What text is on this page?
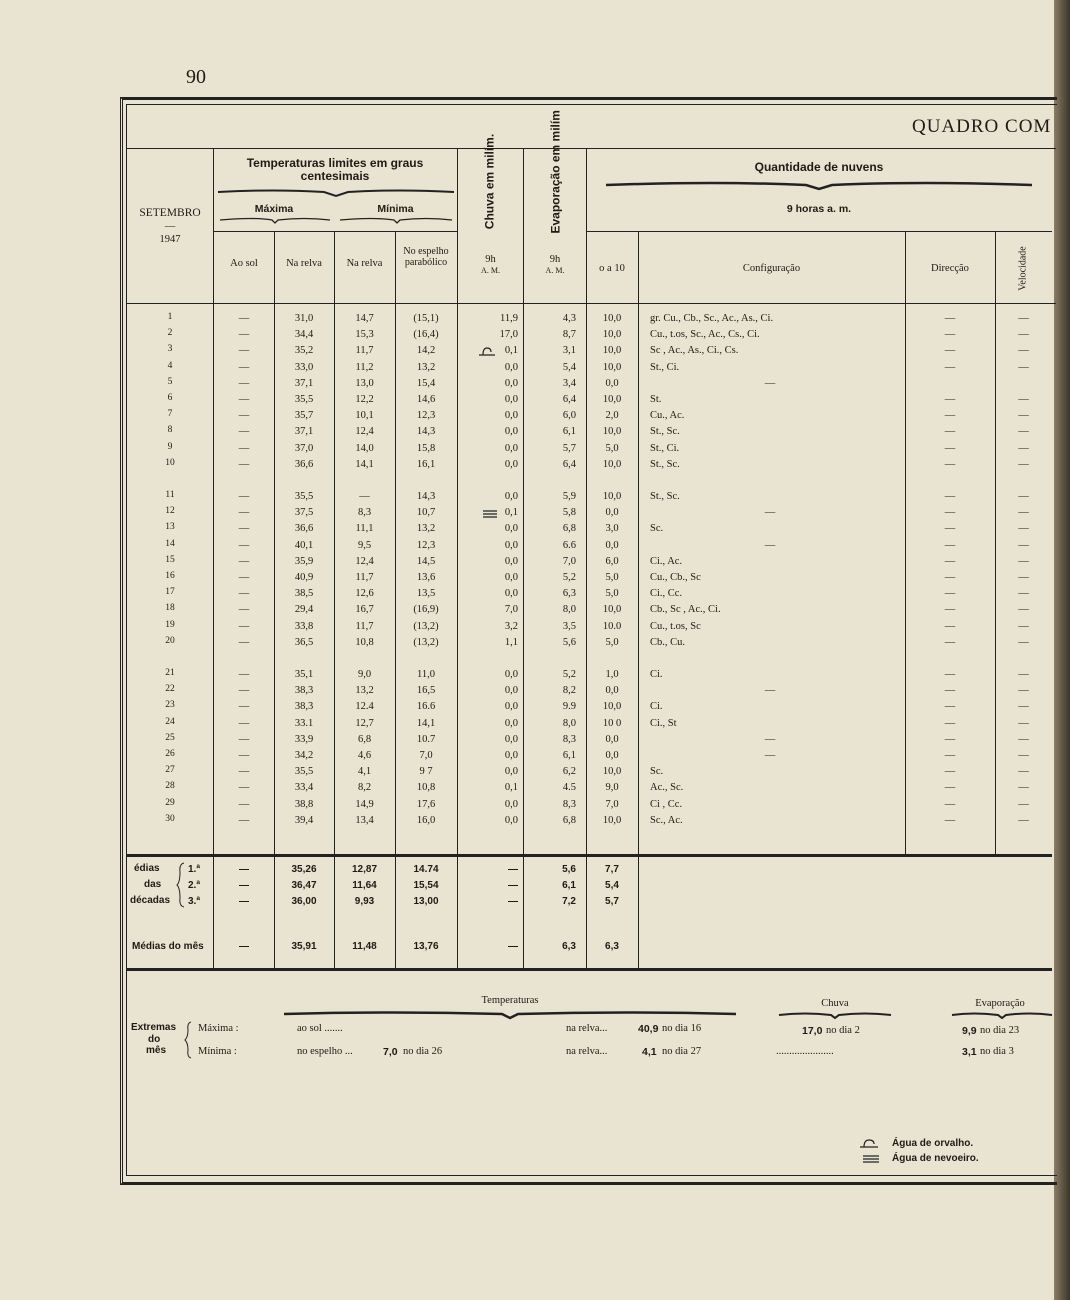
90
QUADRO COM
SETEMBRO
—
1947
Temperaturas limites em graus centesimais
Máxima	Mínima
Ao sol	Na relva	Na relva
No espelho parabólico
Chuva em milím.	Evaporação em milím
9h
A. M.
9h
A. M.
Quantidade de nuvens
9 horas a. m.
o a 10	Configuração	Direcção	Velocidade
1	—	31,0	14,7	(15,1)	11,9	4,3	10,0	gr. Cu., Cb., Sc., Ac., As., Ci.	—	—
2	—	34,4	15,3	(16,4)	17,0	8,7	10,0	Cu., t.os, Sc., Ac., Cs., Ci.	—	—
3	—	35,2	11,7	14,2	0,1	3,1	10,0	Sc , Ac., As., Ci., Cs.	—	—
4	—	33,0	11,2	13,2	0,0	5,4	10,0	St., Ci.	—	—
5	—	37,1	13,0	15,4	0,0	3,4	0,0	—
6	—	35,5	12,2	14,6	0,0	6,4	10,0	St.	—	—
7	—	35,7	10,1	12,3	0,0	6,0	2,0	Cu., Ac.	—	—
8	—	37,1	12,4	14,3	0,0	6,1	10,0	St., Sc.	—	—
9	—	37,0	14,0	15,8	0,0	5,7	5,0	St., Ci.	—	—
10	—	36,6	14,1	16,1	0,0	6,4	10,0	St., Sc.	—	—
11	—	35,5	—	14,3	0,0	5,9	10,0	St., Sc.	—	—
12	—	37,5	8,3	10,7	0,1	5,8	0,0	—	—	—
13	—	36,6	11,1	13,2	0,0	6,8	3,0	Sc.	—	—
14	—	40,1	9,5	12,3	0,0	6.6	0,0	—	—	—
15	—	35,9	12,4	14,5	0,0	7,0	6,0	Ci., Ac.	—	—
16	—	40,9	11,7	13,6	0,0	5,2	5,0	Cu., Cb., Sc	—	—
17	—	38,5	12,6	13,5	0,0	6,3	5,0	Ci., Cc.	—	—
18	—	29,4	16,7	(16,9)	7,0	8,0	10,0	Cb., Sc , Ac., Ci.	—	—
19	—	33,8	11,7	(13,2)	3,2	3,5	10.0	Cu., t.os, Sc	—	—
20	—	36,5	10,8	(13,2)	1,1	5,6	5,0	Cb., Cu.	—	—
21	—	35,1	9,0	11,0	0,0	5,2	1,0	Ci.	—	—
22	—	38,3	13,2	16,5	0,0	8,2	0,0	—	—	—
23	—	38,3	12.4	16.6	0,0	9.9	10,0	Ci.	—	—
24	—	33.1	12,7	14,1	0,0	8,0	10 0	Ci., St	—	—
25	—	33,9	6,8	10.7	0,0	8,3	0,0	—	—	—
26	—	34,2	4,6	7,0	0,0	6,1	0,0	—	—	—
27	—	35,5	4,1	9 7	0,0	6,2	10,0	Sc.	—	—
28	—	33,4	8,2	10,8	0,1	4.5	9,0	Ac., Sc.	—	—
29	—	38,8	14,9	17,6	0,0	8,3	7,0	Ci , Cc.	—	—
30	—	39,4	13,4	16,0	0,0	6,8	10,0	Sc., Ac.	—	—
édias
das
décadas
1.ª	—	35,26	12,87	14.74	—	5,6	7,7
2.ª	—	36,47	11,64	15,54	—	6,1	5,4
3.ª	—	36,00	9,93	13,00	—	7,2	5,7
Médias do mês	—	35,91	11,48	13,76	—	6,3	6,3
Temperaturas	Chuva	Evaporação
Extremas
do
mês
Máxima :
Mínima :
ao sol .......
no espelho ...	7,0 no dia 26
na relva...	40,9 no dia 16
na relva...	4,1 no dia 27
17,0 no dia 2
......................
9,9 no dia 23
3,1 no dia 3
Água de orvalho.
Água de nevoeiro.
